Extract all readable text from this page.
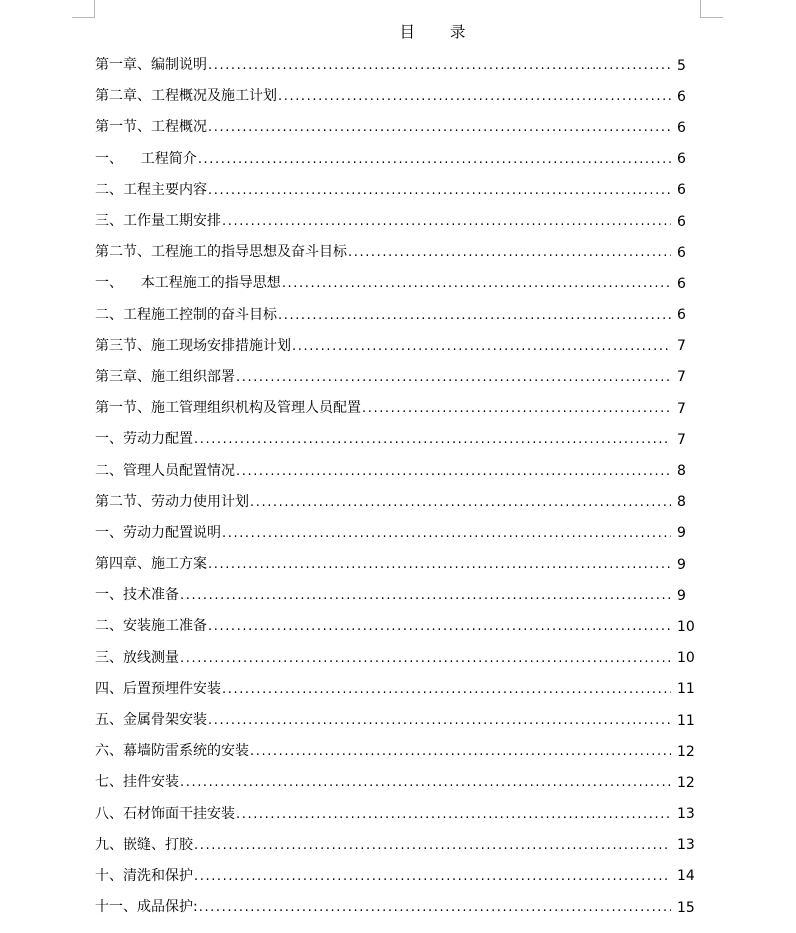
目 录
第一章、编制说明 .....	5
第二章、工程概况及施工计划 .....	6
第一节、工程概况 .....	6
一、    工程简介 .....	6
二、工程主要内容 .....	6
三、工作量工期安排 .....	6
第二节、工程施工的指导思想及奋斗目标 .....	6
一、    本工程施工的指导思想 .....	6
二、工程施工控制的奋斗目标 .....	6
第三节、施工现场安排措施计划 .....	7
第三章、施工组织部署 .....	7
第一节、施工管理组织机构及管理人员配置 .....	7
一、劳动力配置 .....	7
二、管理人员配置情况 .....	8
第二节、劳动力使用计划 .....	8
一、劳动力配置说明 .....	9
第四章、施工方案 .....	9
一、技术准备 .....	9
二、安装施工准备 .....	10
三、放线测量 .....	10
四、后置预埋件安装 .....	11
五、金属骨架安装 .....	11
六、幕墙防雷系统的安装 .....	12
七、挂件安装 .....	12
八、石材饰面干挂安装 .....	13
九、嵌缝、打胶 .....	13
十、清洗和保护 .....	14
十一、成品保护: .....	15
